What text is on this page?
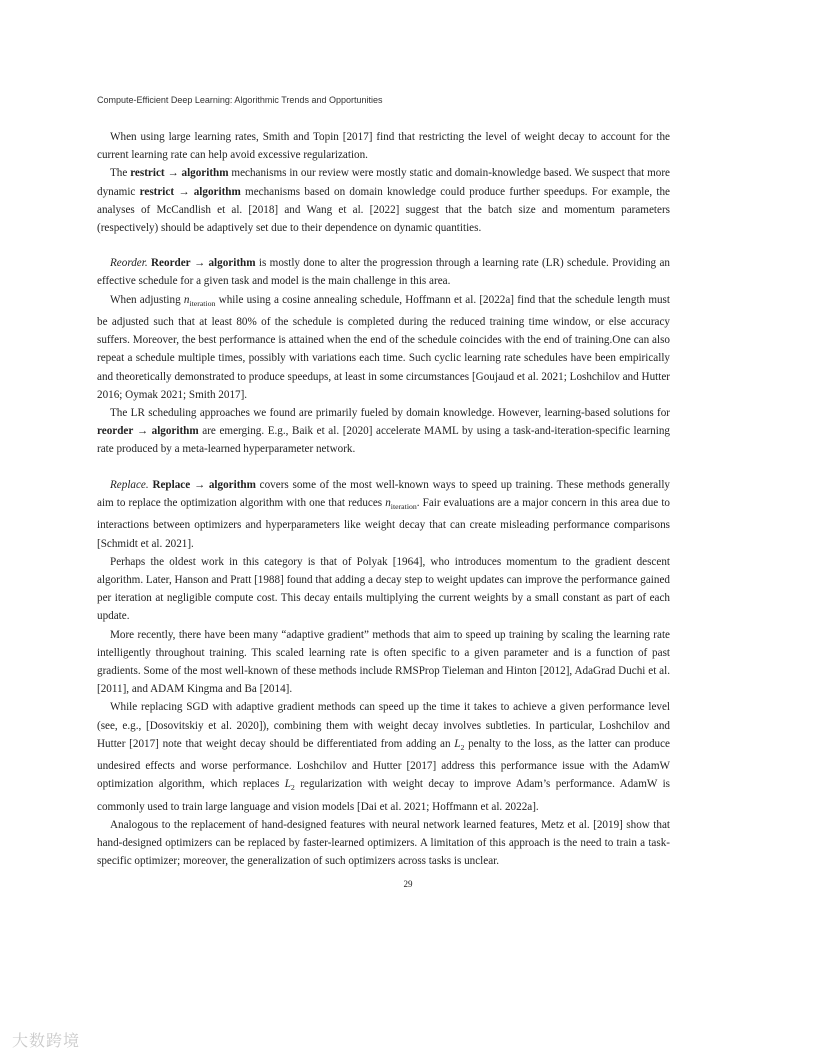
Compute-Efficient Deep Learning: Algorithmic Trends and Opportunities

When using large learning rates, Smith and Topin [2017] find that restricting the level of weight decay to account for the current learning rate can help avoid excessive regularization.

The restrict → algorithm mechanisms in our review were mostly static and domain-knowledge based. We suspect that more dynamic restrict → algorithm mechanisms based on domain knowledge could produce further speedups. For example, the analyses of McCandlish et al. [2018] and Wang et al. [2022] suggest that the batch size and momentum parameters (respectively) should be adaptively set due to their dependence on dynamic quantities.

Reorder. Reorder → algorithm is mostly done to alter the progression through a learning rate (LR) schedule. Providing an effective schedule for a given task and model is the main challenge in this area.

When adjusting $n_{iteration}$ while using a cosine annealing schedule, Hoffmann et al. [2022a] find that the schedule length must be adjusted such that at least 80% of the schedule is completed during the reduced training time window, or else accuracy suffers. Moreover, the best performance is attained when the end of the schedule coincides with the end of training.One can also repeat a schedule multiple times, possibly with variations each time. Such cyclic learning rate schedules have been empirically and theoretically demonstrated to produce speedups, at least in some circumstances [Goujaud et al. 2021; Loshchilov and Hutter 2016; Oymak 2021; Smith 2017].

The LR scheduling approaches we found are primarily fueled by domain knowledge. However, learning-based solutions for reorder → algorithm are emerging. E.g., Baik et al. [2020] accelerate MAML by using a task-and-iteration-specific learning rate produced by a meta-learned hyperparameter network.

Replace. Replace → algorithm covers some of the most well-known ways to speed up training. These methods generally aim to replace the optimization algorithm with one that reduces $n_{iteration}$. Fair evaluations are a major concern in this area due to interactions between optimizers and hyperparameters like weight decay that can create misleading performance comparisons [Schmidt et al. 2021].

Perhaps the oldest work in this category is that of Polyak [1964], who introduces momentum to the gradient descent algorithm. Later, Hanson and Pratt [1988] found that adding a decay step to weight updates can improve the performance gained per iteration at negligible compute cost. This decay entails multiplying the current weights by a small constant as part of each update.

More recently, there have been many “adaptive gradient” methods that aim to speed up training by scaling the learning rate intelligently throughout training. This scaled learning rate is often specific to a given parameter and is a function of past gradients. Some of the most well-known of these methods include RMSProp Tieleman and Hinton [2012], AdaGrad Duchi et al. [2011], and ADAM Kingma and Ba [2014].

While replacing SGD with adaptive gradient methods can speed up the time it takes to achieve a given performance level (see, e.g., [Dosovitskiy et al. 2020]), combining them with weight decay involves subtleties. In particular, Loshchilov and Hutter [2017] note that weight decay should be differentiated from adding an $L_2$ penalty to the loss, as the latter can produce undesired effects and worse performance. Loshchilov and Hutter [2017] address this performance issue with the AdamW optimization algorithm, which replaces $L_2$ regularization with weight decay to improve Adam’s performance. AdamW is commonly used to train large language and vision models [Dai et al. 2021; Hoffmann et al. 2022a].

Analogous to the replacement of hand-designed features with neural network learned features, Metz et al. [2019] show that hand-designed optimizers can be replaced by faster-learned optimizers. A limitation of this approach is the need to train a task-specific optimizer; moreover, the generalization of such optimizers across tasks is unclear.

29
大数跨境
